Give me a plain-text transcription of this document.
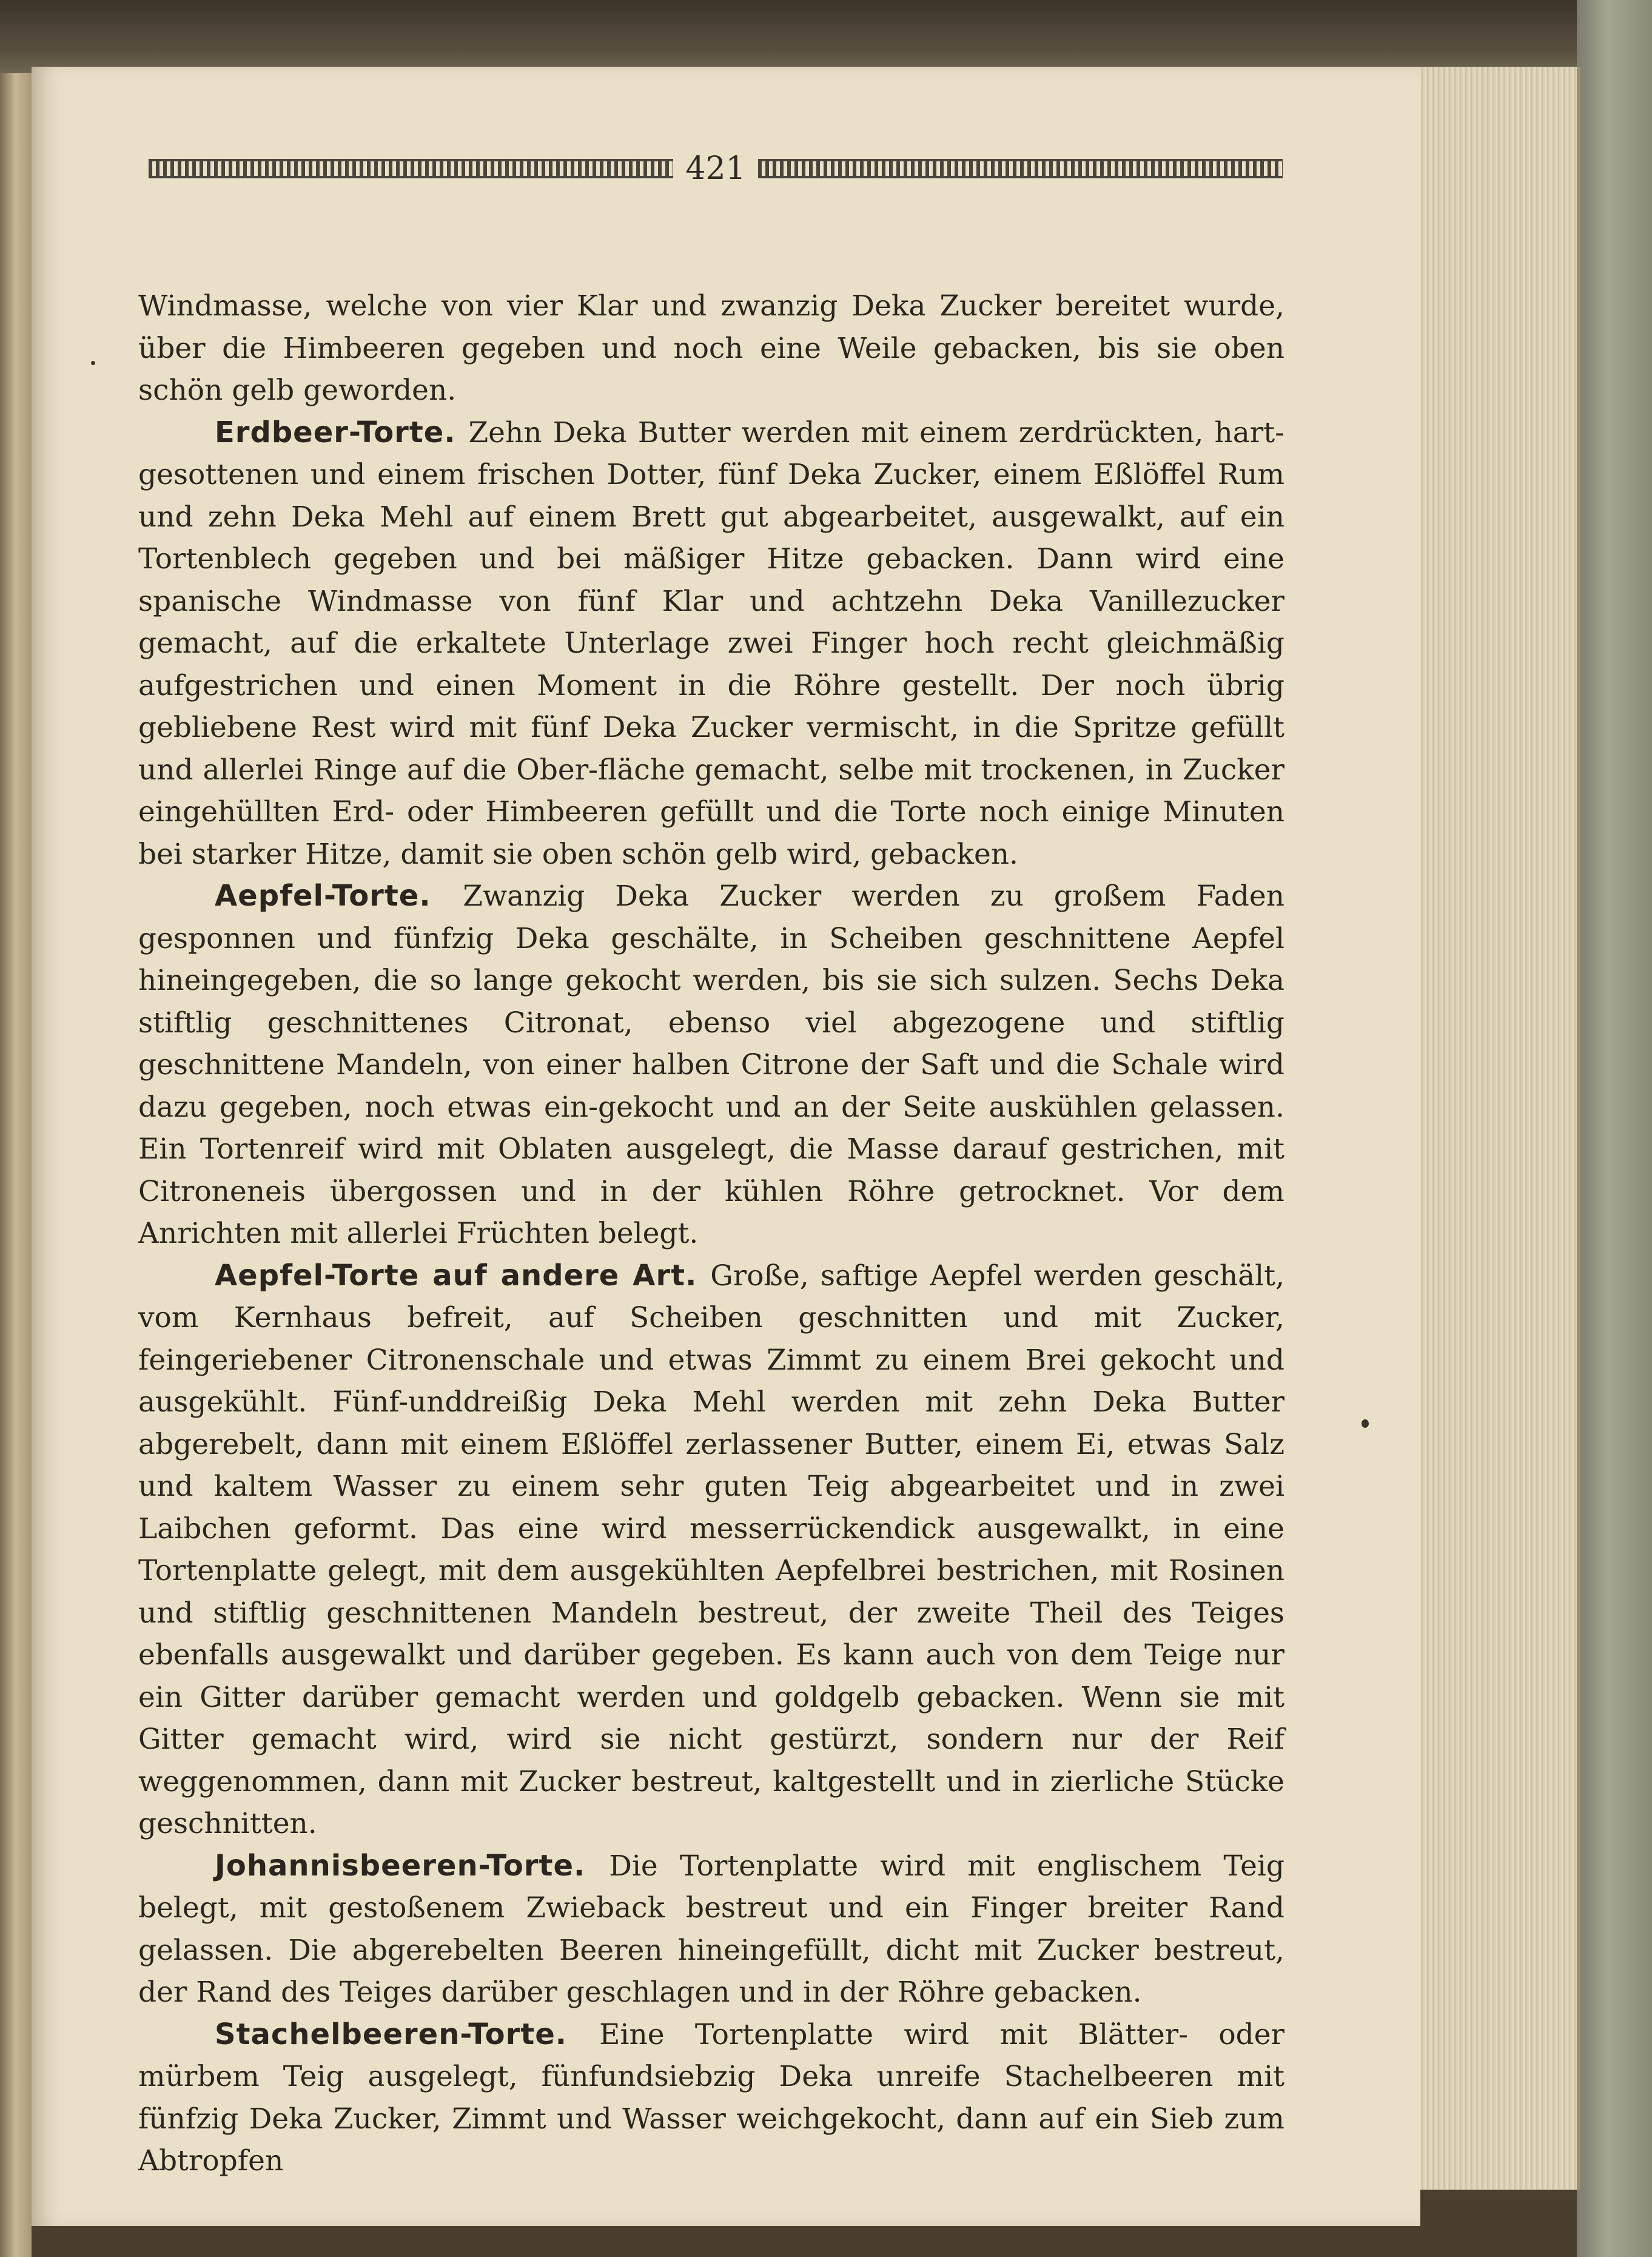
421

Windmasse, welche von vier Klar und zwanzig Deka Zucker bereitet wurde, über die Himbeeren gegeben und noch eine Weile gebacken, bis sie oben schön gelb geworden.

Erdbeer-Torte. Zehn Deka Butter werden mit einem zerdrückten, hart-gesottenen und einem frischen Dotter, fünf Deka Zucker, einem Eßlöffel Rum und zehn Deka Mehl auf einem Brett gut abgearbeitet, ausgewalkt, auf ein Tortenblech gegeben und bei mäßiger Hitze gebacken. Dann wird eine spanische Windmasse von fünf Klar und achtzehn Deka Vanillezucker gemacht, auf die erkaltete Unterlage zwei Finger hoch recht gleichmäßig aufgestrichen und einen Moment in die Röhre gestellt. Der noch übrig gebliebene Rest wird mit fünf Deka Zucker vermischt, in die Spritze gefüllt und allerlei Ringe auf die Ober-fläche gemacht, selbe mit trockenen, in Zucker eingehüllten Erd- oder Himbeeren gefüllt und die Torte noch einige Minuten bei starker Hitze, damit sie oben schön gelb wird, gebacken.

Aepfel-Torte. Zwanzig Deka Zucker werden zu großem Faden gesponnen und fünfzig Deka geschälte, in Scheiben geschnittene Aepfel hineingegeben, die so lange gekocht werden, bis sie sich sulzen. Sechs Deka stiftlig geschnittenes Citronat, ebenso viel abgezogene und stiftlig geschnittene Mandeln, von einer halben Citrone der Saft und die Schale wird dazu gegeben, noch etwas ein-gekocht und an der Seite auskühlen gelassen. Ein Tortenreif wird mit Oblaten ausgelegt, die Masse darauf gestrichen, mit Citroneneis übergossen und in der kühlen Röhre getrocknet. Vor dem Anrichten mit allerlei Früchten belegt.

Aepfel-Torte auf andere Art. Große, saftige Aepfel werden geschält, vom Kernhaus befreit, auf Scheiben geschnitten und mit Zucker, feingeriebener Citronenschale und etwas Zimmt zu einem Brei gekocht und ausgekühlt. Fünf-unddreißig Deka Mehl werden mit zehn Deka Butter abgerebelt, dann mit einem Eßlöffel zerlassener Butter, einem Ei, etwas Salz und kaltem Wasser zu einem sehr guten Teig abgearbeitet und in zwei Laibchen geformt. Das eine wird messerrückendick ausgewalkt, in eine Tortenplatte gelegt, mit dem ausgekühlten Aepfelbrei bestrichen, mit Rosinen und stiftlig geschnittenen Mandeln bestreut, der zweite Theil des Teiges ebenfalls ausgewalkt und darüber gegeben. Es kann auch von dem Teige nur ein Gitter darüber gemacht werden und goldgelb gebacken. Wenn sie mit Gitter gemacht wird, wird sie nicht gestürzt, sondern nur der Reif weggenommen, dann mit Zucker bestreut, kaltgestellt und in zierliche Stücke geschnitten.

Johannisbeeren-Torte. Die Tortenplatte wird mit englischem Teig belegt, mit gestoßenem Zwieback bestreut und ein Finger breiter Rand gelassen. Die abgerebelten Beeren hineingefüllt, dicht mit Zucker bestreut, der Rand des Teiges darüber geschlagen und in der Röhre gebacken.

Stachelbeeren-Torte. Eine Tortenplatte wird mit Blätter- oder mürbem Teig ausgelegt, fünfundsiebzig Deka unreife Stachelbeeren mit fünfzig Deka Zucker, Zimmt und Wasser weichgekocht, dann auf ein Sieb zum Abtropfen
